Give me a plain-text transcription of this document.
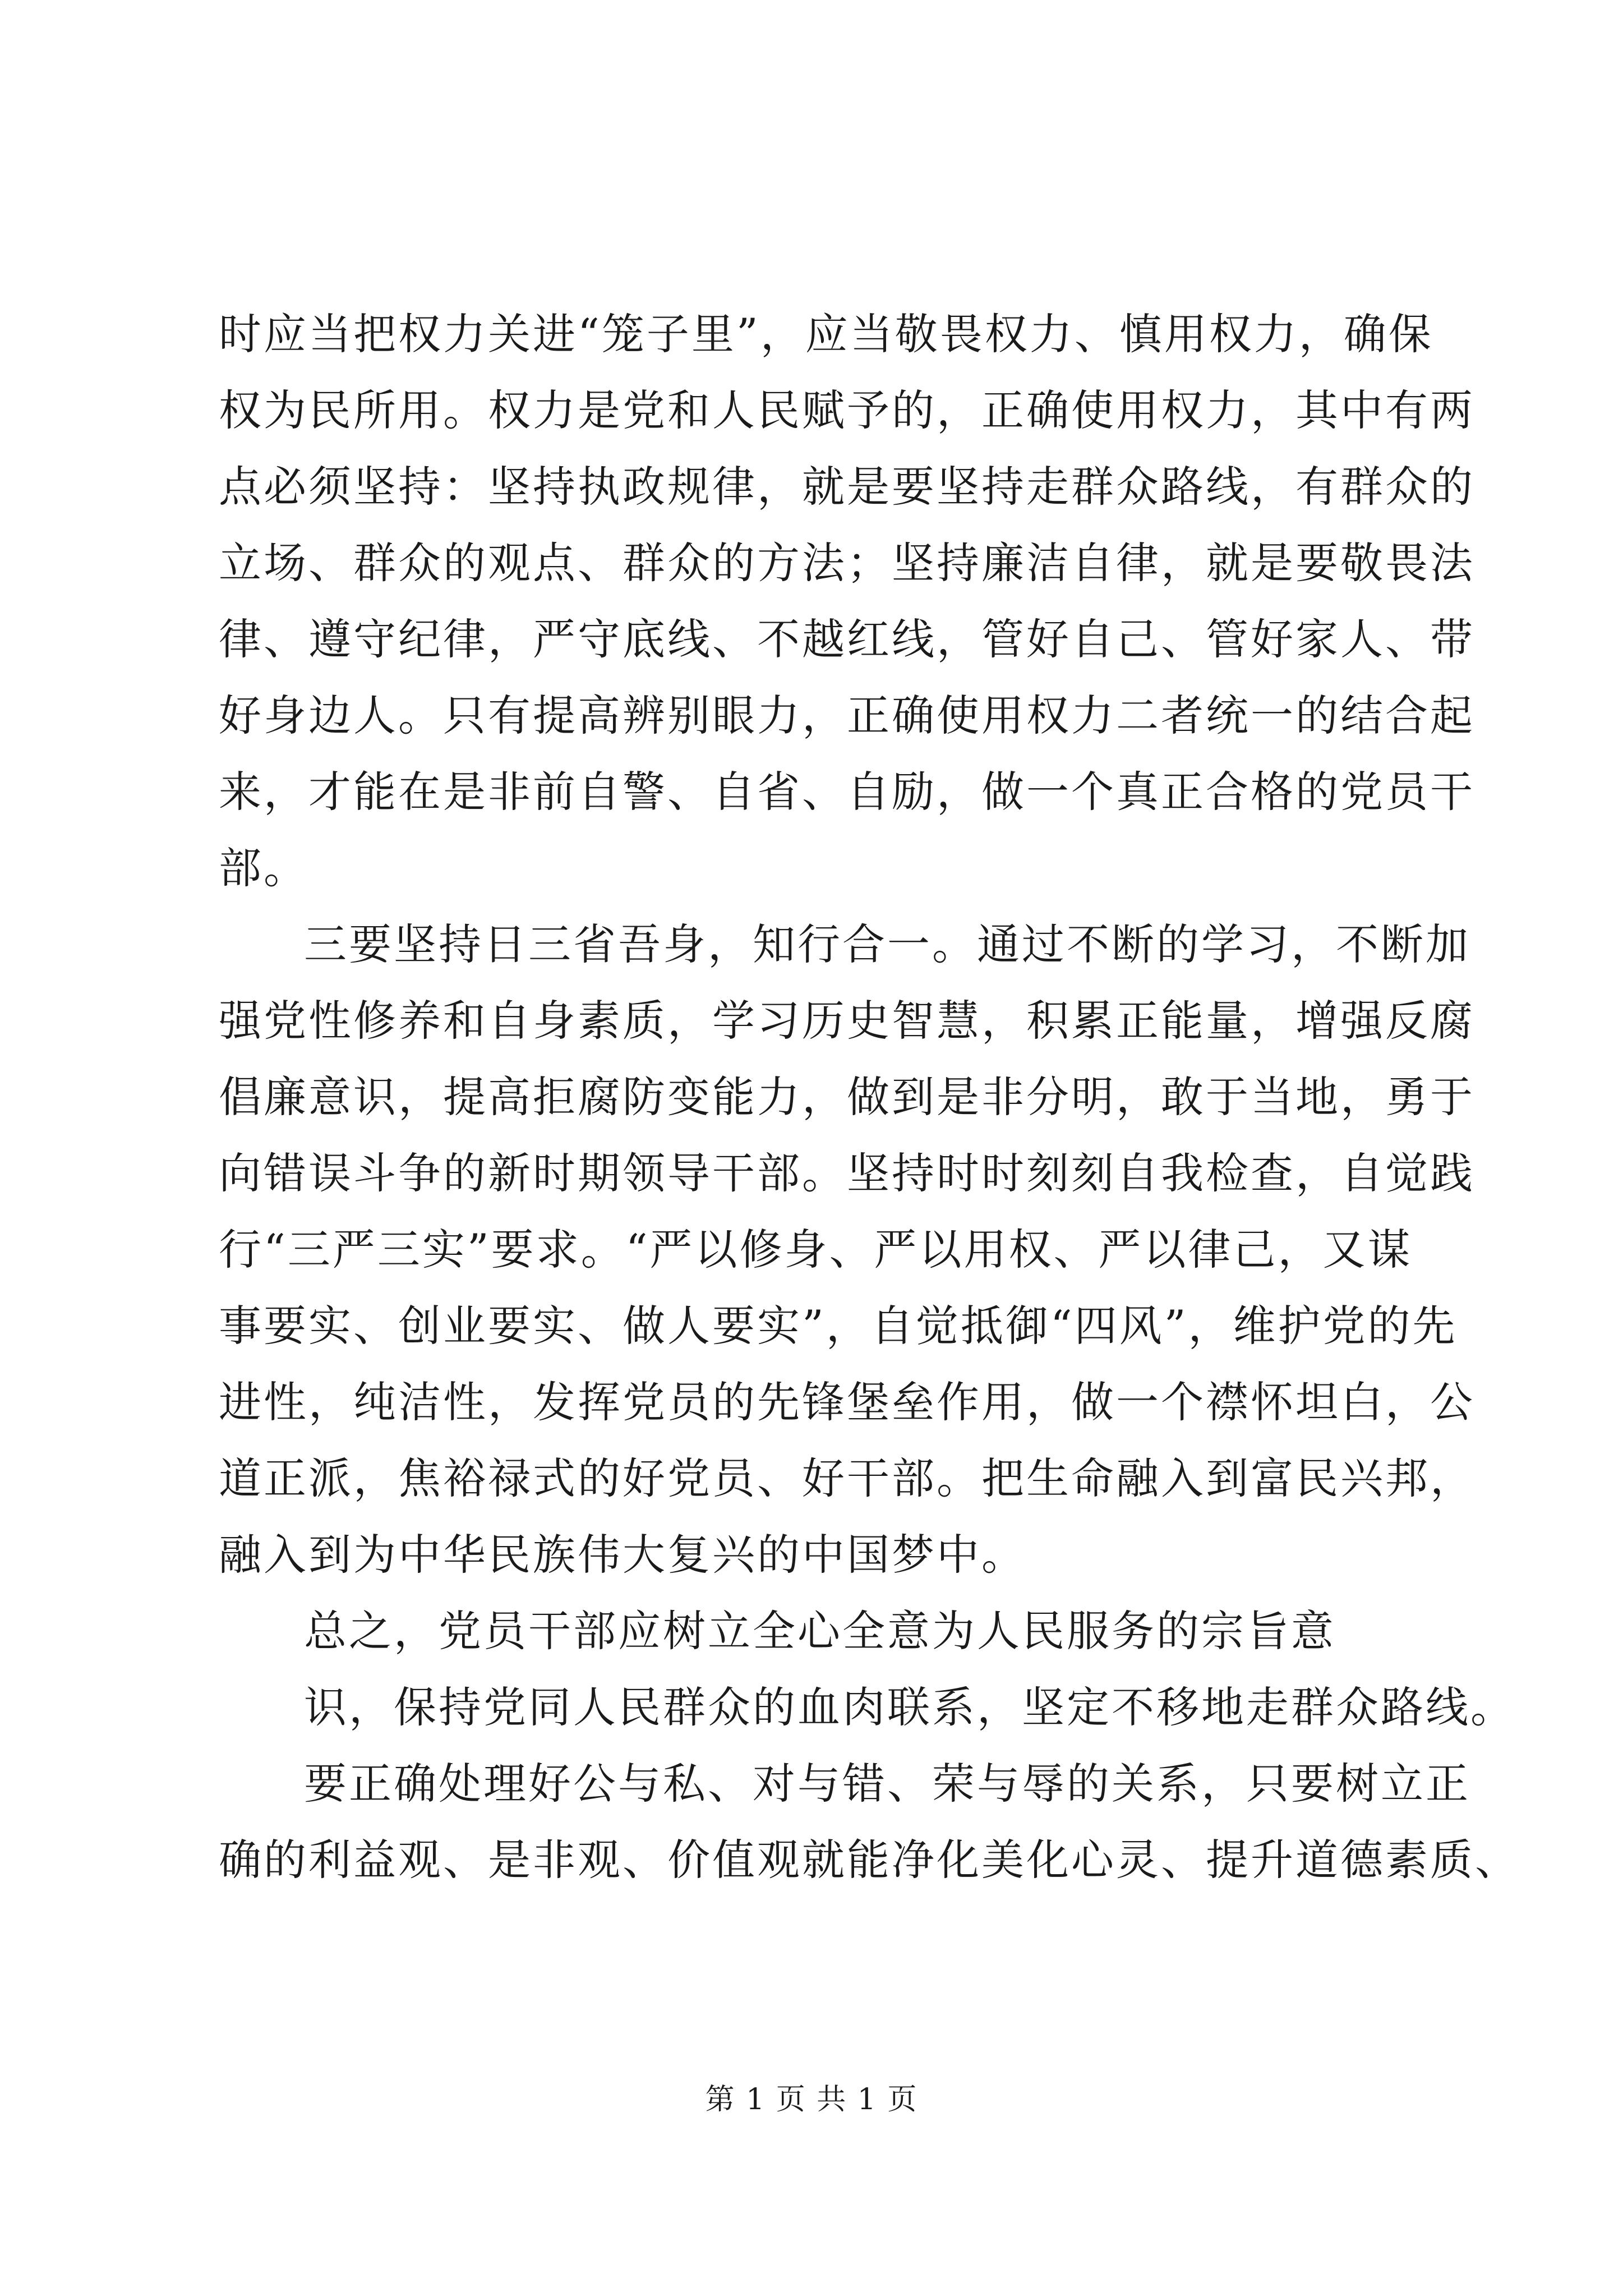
时应当把权力关进“笼子里”，应当敬畏权力、慎用权力，确保
权为民所用。权力是党和人民赋予的，正确使用权力，其中有两
点必须坚持：坚持执政规律，就是要坚持走群众路线，有群众的
立场、群众的观点、群众的方法；坚持廉洁自律，就是要敬畏法
律、遵守纪律，严守底线、不越红线，管好自己、管好家人、带
好身边人。只有提高辨别眼力，正确使用权力二者统一的结合起
来，才能在是非前自警、自省、自励，做一个真正合格的党员干
部。
三要坚持日三省吾身，知行合一。通过不断的学习，不断加
强党性修养和自身素质，学习历史智慧，积累正能量，增强反腐
倡廉意识，提高拒腐防变能力，做到是非分明，敢于当地，勇于
向错误斗争的新时期领导干部。坚持时时刻刻自我检查，自觉践
行“三严三实”要求。“严以修身、严以用权、严以律己，又谋
事要实、创业要实、做人要实”，自觉抵御“四风”，维护党的先
进性，纯洁性，发挥党员的先锋堡垒作用，做一个襟怀坦白，公
道正派，焦裕禄式的好党员、好干部。把生命融入到富民兴邦，
融入到为中华民族伟大复兴的中国梦中。
总之，党员干部应树立全心全意为人民服务的宗旨意
识，保持党同人民群众的血肉联系，坚定不移地走群众路线。
要正确处理好公与私、对与错、荣与辱的关系，只要树立正
确的利益观、是非观、价值观就能净化美化心灵、提升道德素质、
第 1 页 共 1 页
